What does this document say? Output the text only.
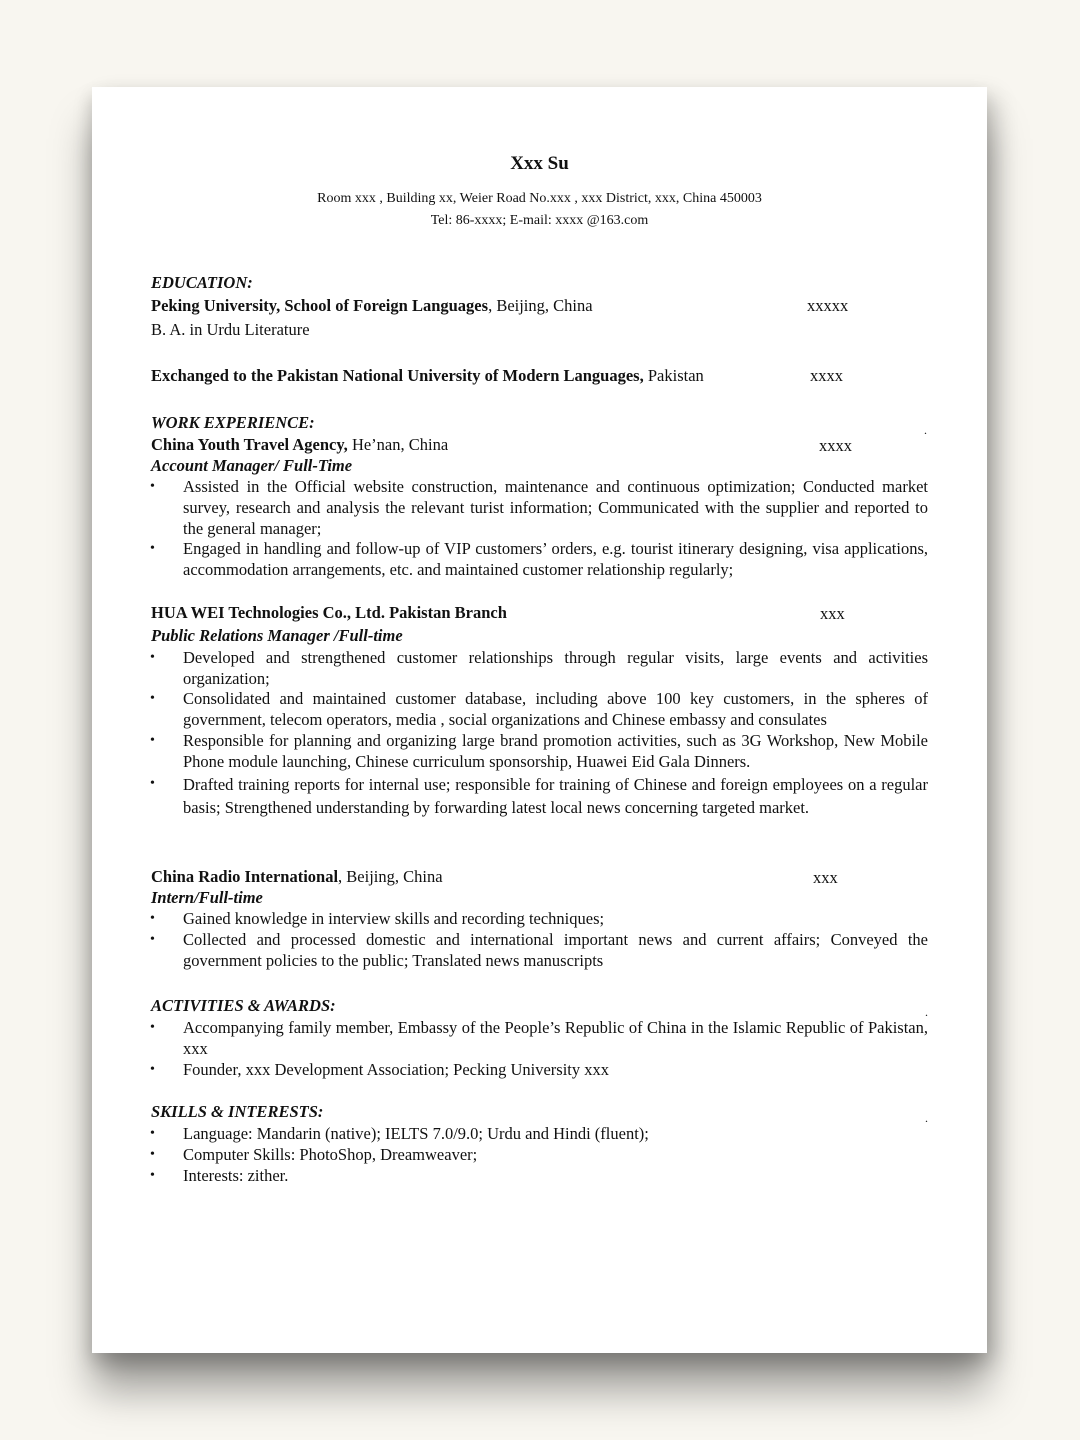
Xxx Su
Room xxx , Building xx, Weier Road No.xxx , xxx District, xxx, China 450003
Tel: 86-xxxx; E-mail: xxxx @163.com
EDUCATION:
Peking University, School of Foreign Languages, Beijing, China	xxxxx
B. A. in Urdu Literature
Exchanged to the Pakistan National University of Modern Languages, Pakistan	xxxx
WORK EXPERIENCE:	.
China Youth Travel Agency, He’nan, China	xxxx
Account Manager/ Full-Time
• Assisted in the Official website construction, maintenance and continuous optimization; Conducted market survey, research and analysis the relevant turist information; Communicated with the supplier and reported to the general manager;
• Engaged in handling and follow-up of VIP customers’ orders, e.g. tourist itinerary designing, visa applications, accommodation arrangements, etc. and maintained customer relationship regularly;
HUA WEI Technologies Co., Ltd. Pakistan Branch	xxx
Public Relations Manager /Full-time
• Developed and strengthened customer relationships through regular visits, large events and activities organization;
• Consolidated and maintained customer database, including above 100 key customers, in the spheres of government, telecom operators, media , social organizations and Chinese embassy and consulates
• Responsible for planning and organizing large brand promotion activities, such as 3G Workshop, New Mobile Phone module launching, Chinese curriculum sponsorship, Huawei Eid Gala Dinners.
• Drafted training reports for internal use; responsible for training of Chinese and foreign employees on a regular basis; Strengthened understanding by forwarding latest local news concerning targeted market.
China Radio International, Beijing, China	xxx
Intern/Full-time
• Gained knowledge in interview skills and recording techniques;
• Collected and processed domestic and international important news and current affairs; Conveyed the government policies to the public; Translated news manuscripts
ACTIVITIES & AWARDS:	.
• Accompanying family member, Embassy of the People’s Republic of China in the Islamic Republic of Pakistan, xxx
• Founder, xxx Development Association; Pecking University xxx
SKILLS & INTERESTS:	.
• Language: Mandarin (native); IELTS 7.0/9.0; Urdu and Hindi (fluent);
• Computer Skills: PhotoShop, Dreamweaver;
• Interests: zither.
